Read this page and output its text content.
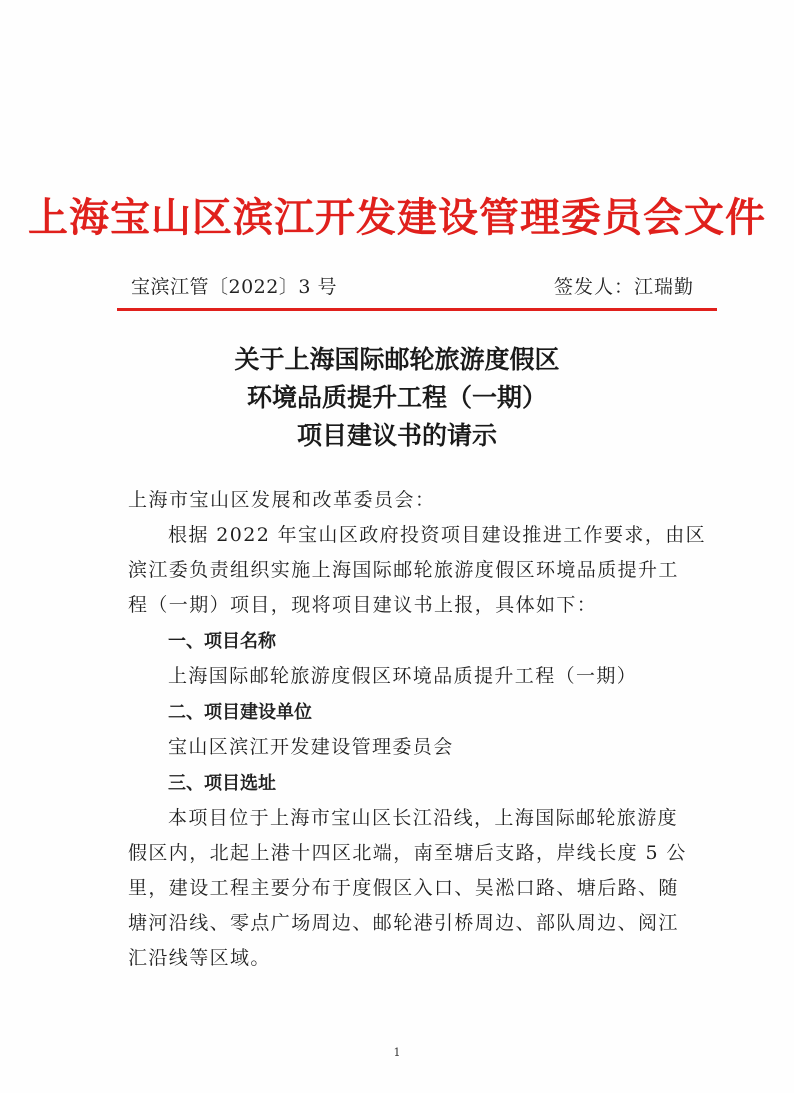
上海宝山区滨江开发建设管理委员会文件
宝滨江管〔2022〕3 号	签发人：江瑞勤
关于上海国际邮轮旅游度假区
环境品质提升工程（一期）
项目建议书的请示
上海市宝山区发展和改革委员会：
根据 2022 年宝山区政府投资项目建设推进工作要求，由区
滨江委负责组织实施上海国际邮轮旅游度假区环境品质提升工
程（一期）项目，现将项目建议书上报，具体如下：
一、项目名称
上海国际邮轮旅游度假区环境品质提升工程（一期）
二、项目建设单位
宝山区滨江开发建设管理委员会
三、项目选址
本项目位于上海市宝山区长江沿线，上海国际邮轮旅游度
假区内，北起上港十四区北端，南至塘后支路，岸线长度 5 公
里，建设工程主要分布于度假区入口、吴淞口路、塘后路、随
塘河沿线、零点广场周边、邮轮港引桥周边、部队周边、阅江
汇沿线等区域。
1
